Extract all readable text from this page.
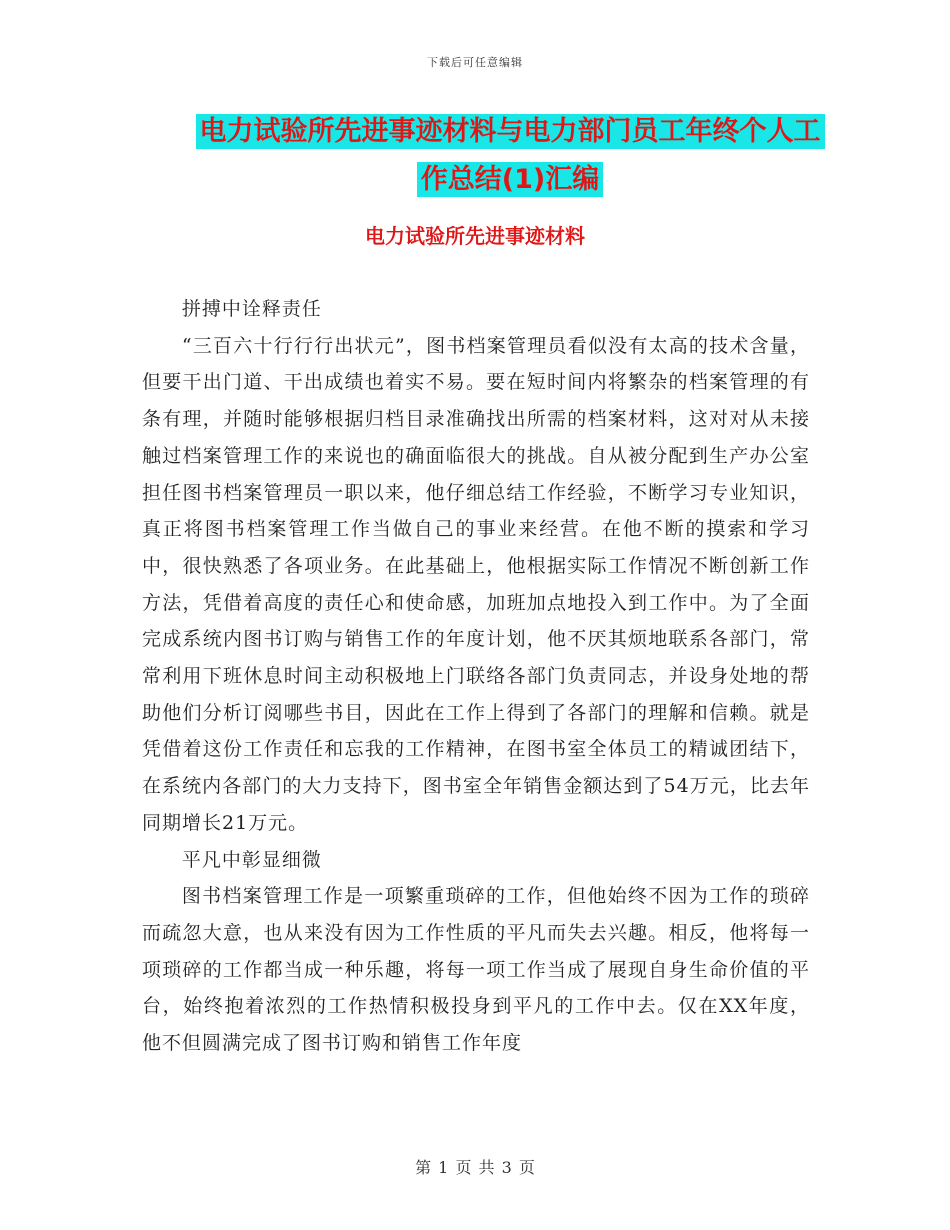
下载后可任意编辑
电力试验所先进事迹材料与电力部门员工年终个人工
作总结(1)汇编
电力试验所先进事迹材料

拼搏中诠释责任

“三百六十行行行出状元”，图书档案管理员看似没有太高的技术含量，但要干出门道、干出成绩也着实不易。要在短时间内将繁杂的档案管理的有条有理，并随时能够根据归档目录准确找出所需的档案材料，这对对从未接触过档案管理工作的来说也的确面临很大的挑战。自从被分配到生产办公室担任图书档案管理员一职以来，他仔细总结工作经验，不断学习专业知识，真正将图书档案管理工作当做自己的事业来经营。在他不断的摸索和学习中，很快熟悉了各项业务。在此基础上，他根据实际工作情况不断创新工作方法，凭借着高度的责任心和使命感，加班加点地投入到工作中。为了全面完成系统内图书订购与销售工作的年度计划，他不厌其烦地联系各部门，常常利用下班休息时间主动积极地上门联络各部门负责同志，并设身处地的帮助他们分析订阅哪些书目，因此在工作上得到了各部门的理解和信赖。就是凭借着这份工作责任和忘我的工作精神，在图书室全体员工的精诚团结下，在系统内各部门的大力支持下，图书室全年销售金额达到了54万元，比去年同期增长21万元。

平凡中彰显细微

图书档案管理工作是一项繁重琐碎的工作，但他始终不因为工作的琐碎而疏忽大意，也从来没有因为工作性质的平凡而失去兴趣。相反，他将每一项琐碎的工作都当成一种乐趣，将每一项工作当成了展现自身生命价值的平台，始终抱着浓烈的工作热情积极投身到平凡的工作中去。仅在XX年度，他不但圆满完成了图书订购和销售工作年度

第 1 页 共 3 页
